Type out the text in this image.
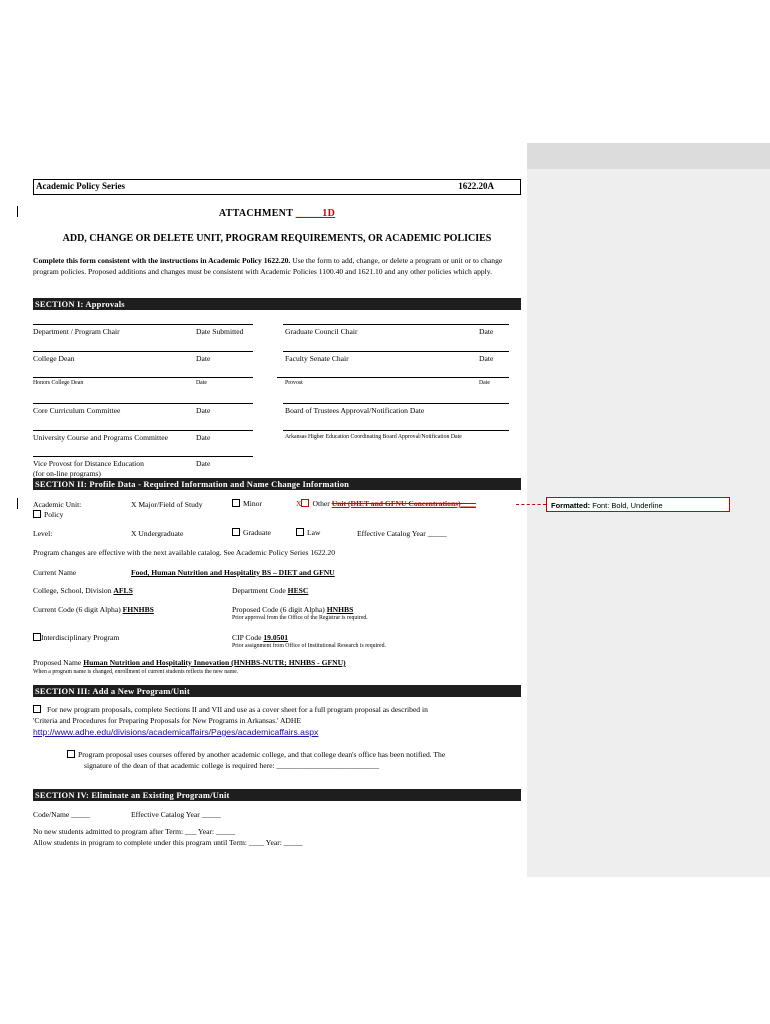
Formatted: Font: Bold, Underline
Academic Policy Series	1622.20A
ATTACHMENT _____1D
ADD, CHANGE OR DELETE UNIT, PROGRAM REQUIREMENTS, OR ACADEMIC POLICIES
Complete this form consistent with the instructions in Academic Policy 1622.20. Use the form to add, change, or delete a program or unit or to change program policies. Proposed additions and changes must be consistent with Academic Policies 1100.40 and 1621.10 and any other policies which apply.
SECTION I: Approvals
Department / Program Chair	Date Submitted	Graduate Council Chair	Date
College Dean	Date	Faculty Senate Chair	Date
Honors College Dean	Date	Provost	Date
Core Curriculum Committee	Date	Board of Trustees Approval/Notification Date
University Course and Programs Committee	Date	Arkansas Higher Education Coordinating Board Approval/Notification Date
Vice Provost for Distance Education	Date
(for on-line programs)
SECTION II: Profile Data - Required Information and Name Change Information
Academic Unit:	X Major/Field of Study	Minor	X Other Unit (DIET and GFNU Concentrations)____
Policy
Level:	X Undergraduate	Graduate	Law	Effective Catalog Year _____
Program changes are effective with the next available catalog. See Academic Policy Series 1622.20
Current Name	Food, Human Nutrition and Hospitality BS – DIET and GFNU
College, School, Division AFLS	Department Code HESC
Current Code (6 digit Alpha) FHNHBS	Proposed Code (6 digit Alpha) HNHBS
Prior approval from the Office of the Registrar is required.
Interdisciplinary Program	CIP Code 19.0501
Prior assignment from Office of Institutional Research is required.
Proposed Name Human Nutrition and Hospitality Innovation (HNHBS-NUTR; HNHBS - GFNU)
When a program name is changed, enrollment of current students reflects the new name.
SECTION III: Add a New Program/Unit
For new program proposals, complete Sections II and VII and use as a cover sheet for a full program proposal as described in
'Criteria and Procedures for Preparing Proposals for New Programs in Arkansas.' ADHE
http://www.adhe.edu/divisions/academicaffairs/Pages/academicaffairs.aspx
Program proposal uses courses offered by another academic college, and that college dean's office has been notified. The
signature of the dean of that academic college is required here: ___________________________
SECTION IV: Eliminate an Existing Program/Unit
Code/Name _____	Effective Catalog Year _____
No new students admitted to program after Term: ___ Year: _____
Allow students in program to complete under this program until Term: ____ Year: _____
